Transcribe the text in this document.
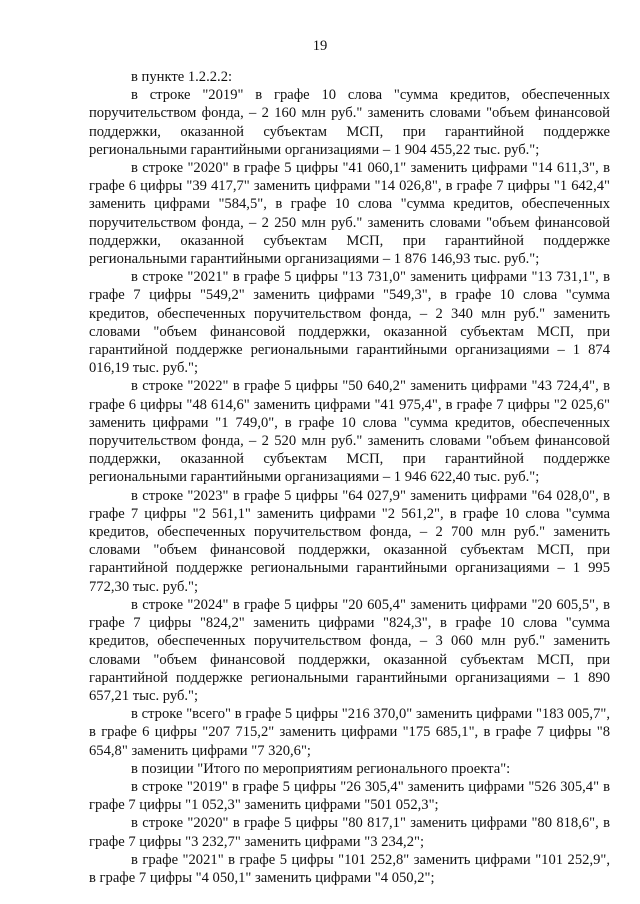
19

в пункте 1.2.2.2:

в строке "2019" в графе 10 слова "сумма кредитов, обеспеченных поручительством фонда, – 2 160 млн руб." заменить словами "объем финансовой поддержки, оказанной субъектам МСП, при гарантийной поддержке региональными гарантийными организациями – 1 904 455,22 тыс. руб.";

в строке "2020" в графе 5 цифры "41 060,1" заменить цифрами "14 611,3", в графе 6 цифры "39 417,7" заменить цифрами "14 026,8", в графе 7 цифры "1 642,4" заменить цифрами "584,5", в графе 10 слова "сумма кредитов, обеспеченных поручительством фонда, – 2 250 млн руб." заменить словами "объем финансовой поддержки, оказанной субъектам МСП, при гарантийной поддержке региональными гарантийными организациями – 1 876 146,93 тыс. руб.";

в строке "2021" в графе 5 цифры "13 731,0" заменить цифрами "13 731,1", в графе 7 цифры "549,2" заменить цифрами "549,3", в графе 10 слова "сумма кредитов, обеспеченных поручительством фонда, – 2 340 млн руб." заменить словами "объем финансовой поддержки, оказанной субъектам МСП, при гарантийной поддержке региональными гарантийными организациями – 1 874 016,19 тыс. руб.";

в строке "2022" в графе 5 цифры "50 640,2" заменить цифрами "43 724,4", в графе 6 цифры "48 614,6" заменить цифрами "41 975,4", в графе 7 цифры "2 025,6" заменить цифрами "1 749,0", в графе 10 слова "сумма кредитов, обеспеченных поручительством фонда, – 2 520 млн руб." заменить словами "объем финансовой поддержки, оказанной субъектам МСП, при гарантийной поддержке региональными гарантийными организациями – 1 946 622,40 тыс. руб.";

в строке "2023" в графе 5 цифры "64 027,9" заменить цифрами "64 028,0", в графе 7 цифры "2 561,1" заменить цифрами "2 561,2", в графе 10 слова "сумма кредитов, обеспеченных поручительством фонда, – 2 700 млн руб." заменить словами "объем финансовой поддержки, оказанной субъектам МСП, при гарантийной поддержке региональными гарантийными организациями – 1 995 772,30 тыс. руб.";

в строке "2024" в графе 5 цифры "20 605,4" заменить цифрами "20 605,5", в графе 7 цифры "824,2" заменить цифрами "824,3", в графе 10 слова "сумма кредитов, обеспеченных поручительством фонда, – 3 060 млн руб." заменить словами "объем финансовой поддержки, оказанной субъектам МСП, при гарантийной поддержке региональными гарантийными организациями – 1 890 657,21 тыс. руб.";

в строке "всего" в графе 5 цифры "216 370,0" заменить цифрами "183 005,7", в графе 6 цифры "207 715,2" заменить цифрами "175 685,1", в графе 7 цифры "8 654,8" заменить цифрами "7 320,6";

в позиции "Итого по мероприятиям регионального проекта":

в строке "2019" в графе 5 цифры "26 305,4" заменить цифрами "526 305,4" в графе 7 цифры "1 052,3" заменить цифрами "501 052,3";

в строке "2020" в графе 5 цифры "80 817,1" заменить цифрами "80 818,6", в графе 7 цифры "3 232,7" заменить цифрами "3 234,2";

в графе "2021" в графе 5 цифры "101 252,8" заменить цифрами "101 252,9", в графе 7 цифры "4 050,1" заменить цифрами "4 050,2";
